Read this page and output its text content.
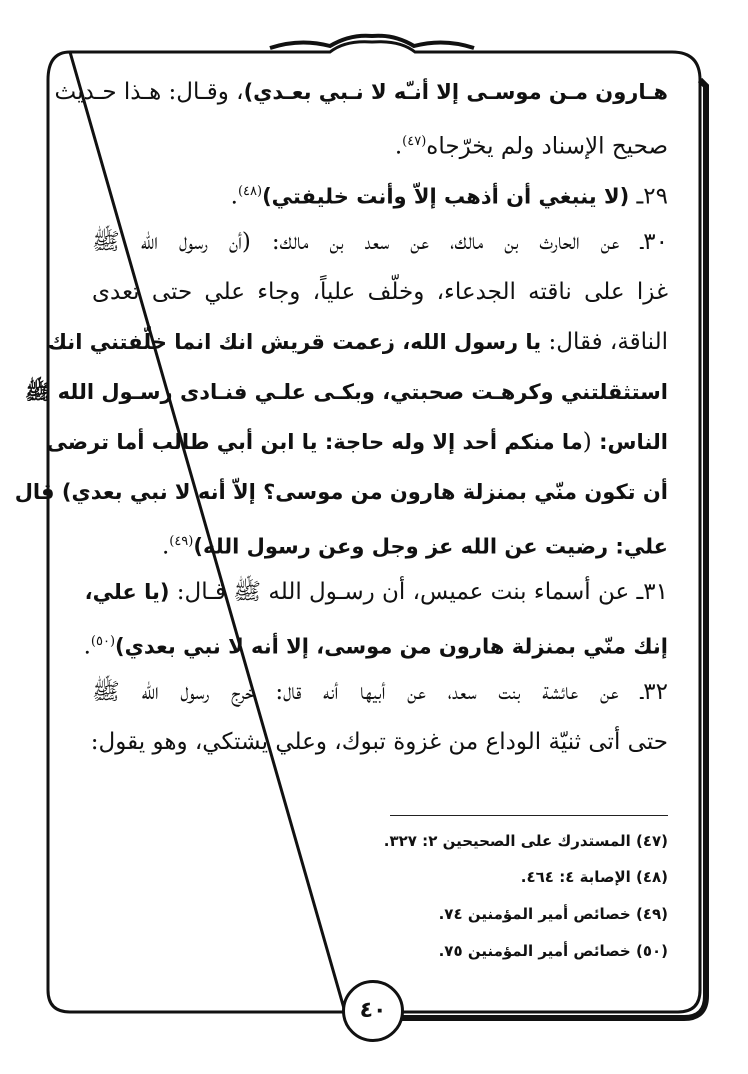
هـارون مـن موسـى إلا أنـّه لا نـبي بعـدي)، وقـال: هـذا حـديث
صحيح الإسناد ولم يخرّجاه$^{(٤٧)}$.
٢٩ـ (لا ينبغي أن أذهب إلاّ وأنت خليفتي)$^{(٤٨)}$.
٣٠ـ عن الحارث بن مالك، عن سعد بن مالك: (أن رسول الله ﷺ
غزا على ناقته الجدعاء، وخلّف علياً، وجاء علي حتى تعدى
الناقة، فقال: يا رسول الله، زعمت قريش انك انما خلّفتني انك
استثقلتني وكرهـت صحبتي، وبكـى علـي فنـادى رسـول الله ﷺ
الناس: (ما منكم أحد إلا وله حاجة: يا ابن أبي طالب أما ترضى
أن تكون منّي بمنزلة هارون من موسى؟ إلاّ أنه لا نبي بعدي) قال
علي: رضيت عن الله عز وجل وعن رسول الله)$^{(٤٩)}$.
٣١ـ عن أسماء بنت عميس، أن رسـول الله ﷺ قـال: (يا علي،
إنك منّي بمنزلة هارون من موسى، إلا أنه لا نبي بعدي)$^{(٥٠)}$.
٣٢ـ عن عائشة بنت سعد، عن أبيها أنه قال: خرج رسول الله ﷺ
حتى أتى ثنيّة الوداع من غزوة تبوك، وعلي يشتكي، وهو يقول:
(٤٧) المستدرك على الصحيحين ٢: ٣٢٧.
(٤٨) الإصابة ٤: ٤٦٤.
(٤٩) خصائص أمير المؤمنين ٧٤.
(٥٠) خصائص أمير المؤمنين ٧٥.
٤٠
